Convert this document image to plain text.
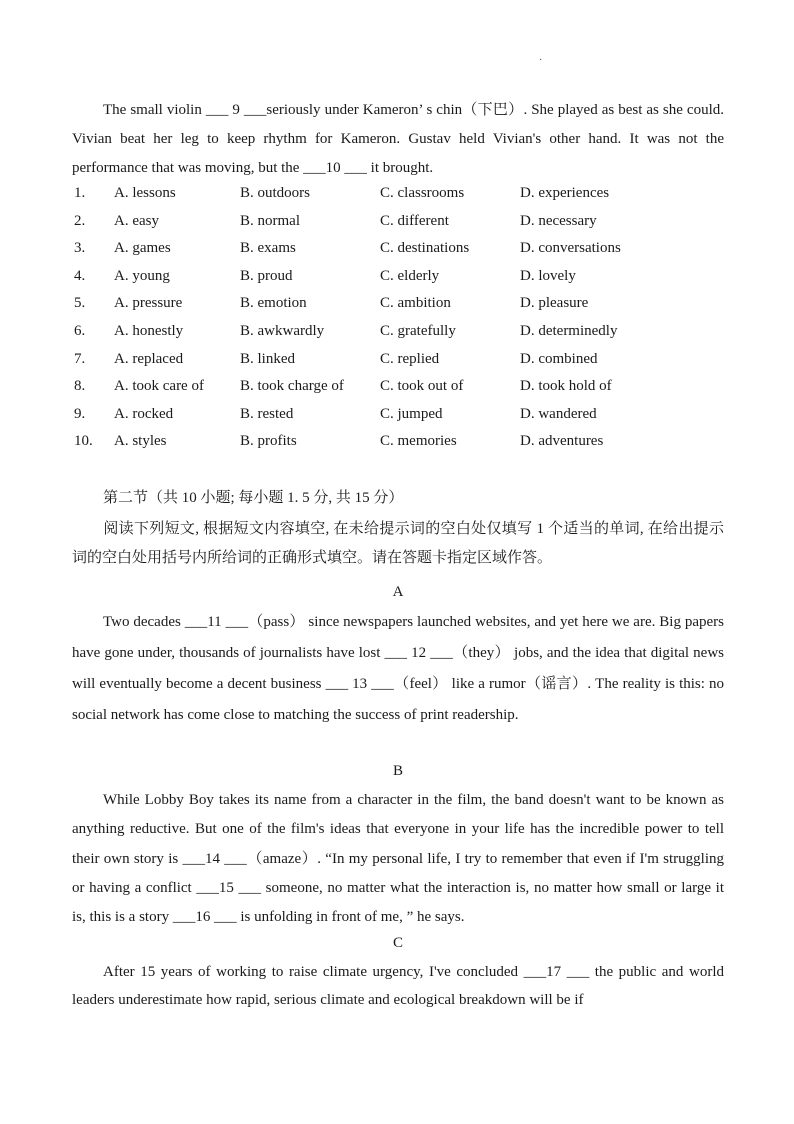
·
The small violin ___ 9 ___seriously under Kameron’ s chin（下巴）. She played as best as she could. Vivian beat her leg to keep rhythm for Kameron. Gustav held Vivian's other hand. It was not the performance that was moving, but the ___10 ___ it brought.
1. A. lessons	B. outdoors	C. classrooms	D. experiences
2. A. easy	B. normal	C. different	D. necessary
3. A. games	B. exams	C. destinations	D. conversations
4. A. young	B. proud	C. elderly	D. lovely
5. A. pressure	B. emotion	C. ambition	D. pleasure
6. A. honestly	B. awkwardly	C. gratefully	D. determinedly
7. A. replaced	B. linked	C. replied	D. combined
8. A. took care of B. took charge of C. took out of	D. took hold of
9. A. rocked	B. rested	C. jumped	D. wandered
10. A. styles	B. profits	C. memories	D. adventures
第二节（共 10 小题; 每小题 1. 5 分, 共 15 分）
阅读下列短文, 根据短文内容填空, 在未给提示词的空白处仅填写 1 个适当的单词, 在给出提示词的空白处用括号内所给词的正确形式填空。请在答题卡指定区域作答。
A
Two decades ___11 ___（pass） since newspapers launched websites, and yet here we are. Big papers have gone under, thousands of journalists have lost ___ 12 ___（they） jobs, and the idea that digital news will eventually become a decent business ___ 13 ___（feel） like a rumor（谣言）. The reality is this: no social network has come close to matching the success of print readership.
B
While Lobby Boy takes its name from a character in the film, the band doesn't want to be known as anything reductive. But one of the film's ideas that everyone in your life has the incredible power to tell their own story is ___14 ___（amaze）. “In my personal life, I try to remember that even if I'm struggling or having a conflict ___15 ___ someone, no matter what the interaction is, no matter how small or large it is, this is a story ___16 ___ is unfolding in front of me, ” he says.
C
After 15 years of working to raise climate urgency, I've concluded ___17 ___ the public and world leaders underestimate how rapid, serious climate and ecological breakdown will be if
